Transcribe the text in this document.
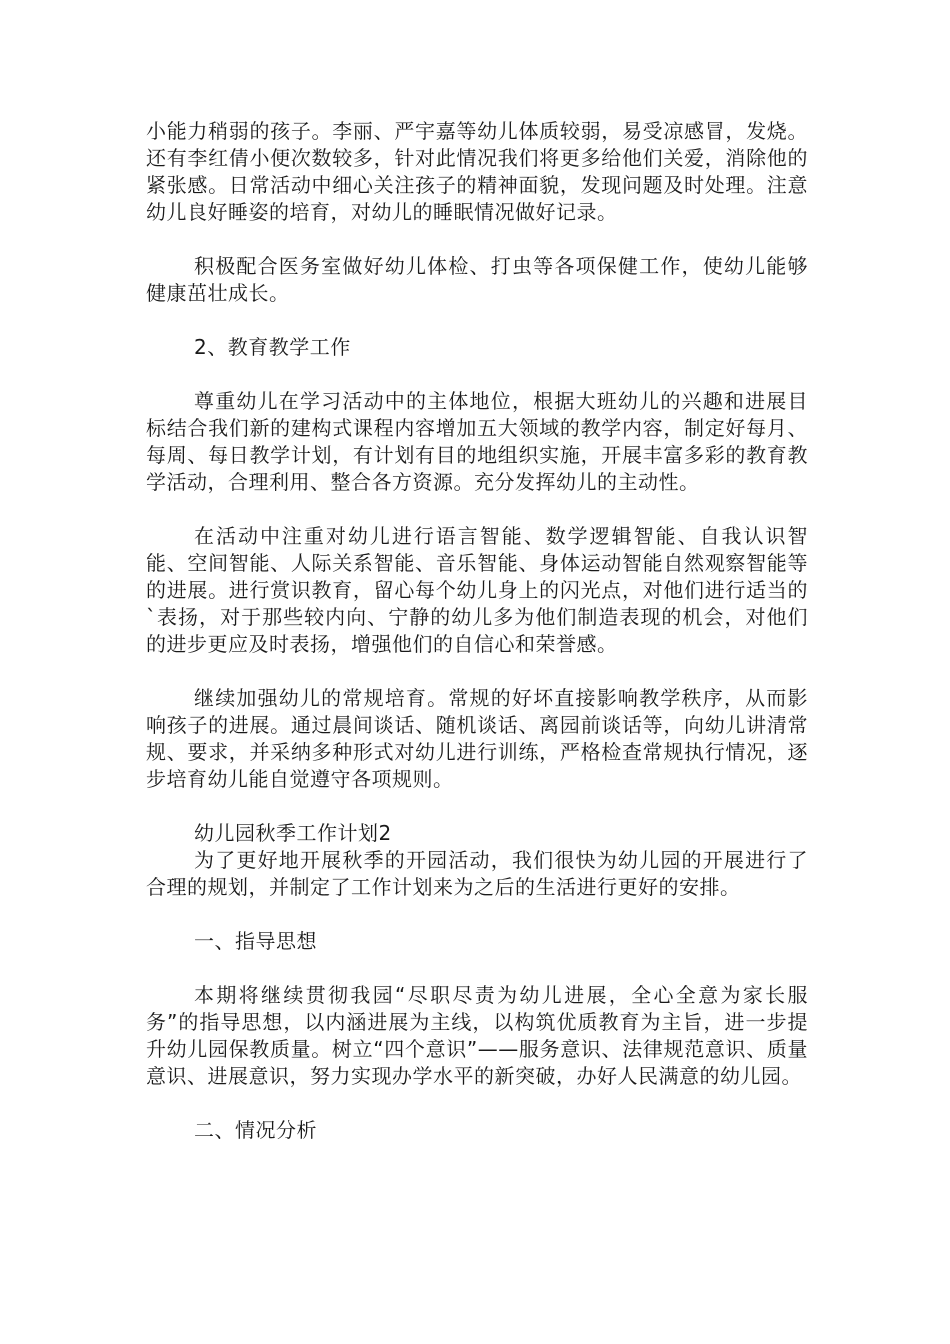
小能力稍弱的孩子。李丽、严宇嘉等幼儿体质较弱，易受凉感冒，发烧。还有李红倩小便次数较多，针对此情况我们将更多给他们关爱，消除他的紧张感。日常活动中细心关注孩子的精神面貌，发现问题及时处理。注意幼儿良好睡姿的培育，对幼儿的睡眠情况做好记录。

积极配合医务室做好幼儿体检、打虫等各项保健工作，使幼儿能够健康茁壮成长。

2、教育教学工作

尊重幼儿在学习活动中的主体地位，根据大班幼儿的兴趣和进展目标结合我们新的建构式课程内容增加五大领域的教学内容，制定好每月、每周、每日教学计划，有计划有目的地组织实施，开展丰富多彩的教育教学活动，合理利用、整合各方资源。充分发挥幼儿的主动性。

在活动中注重对幼儿进行语言智能、数学逻辑智能、自我认识智能、空间智能、人际关系智能、音乐智能、身体运动智能自然观察智能等的进展。进行赏识教育，留心每个幼儿身上的闪光点，对他们进行适当的`表扬，对于那些较内向、宁静的幼儿多为他们制造表现的机会，对他们的进步更应及时表扬，增强他们的自信心和荣誉感。

继续加强幼儿的常规培育。常规的好坏直接影响教学秩序，从而影响孩子的进展。通过晨间谈话、随机谈话、离园前谈话等，向幼儿讲清常规、要求，并采纳多种形式对幼儿进行训练，严格检查常规执行情况，逐步培育幼儿能自觉遵守各项规则。

幼儿园秋季工作计划2

为了更好地开展秋季的开园活动，我们很快为幼儿园的开展进行了合理的规划，并制定了工作计划来为之后的生活进行更好的安排。

一、指导思想

本期将继续贯彻我园“尽职尽责为幼儿进展，全心全意为家长服务”的指导思想，以内涵进展为主线，以构筑优质教育为主旨，进一步提升幼儿园保教质量。树立“四个意识”——服务意识、法律规范意识、质量意识、进展意识，努力实现办学水平的新突破，办好人民满意的幼儿园。

二、情况分析
